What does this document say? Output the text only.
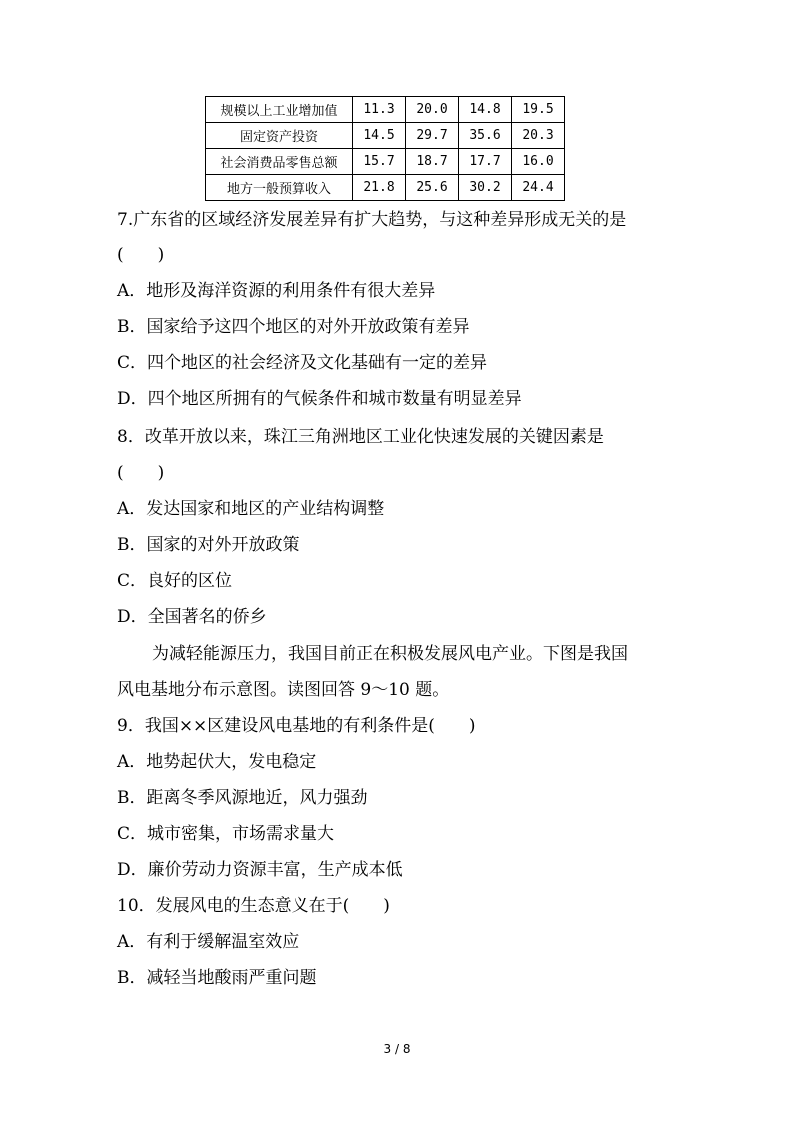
规模以上工业增加值	11.3	20.0	14.8	19.5
固定资产投资	14.5	29.7	35.6	20.3
社会消费品零售总额	15.7	18.7	17.7	16.0
地方一般预算收入	21.8	25.6	30.2	24.4
7.广东省的区域经济发展差异有扩大趋势，与这种差异形成无关的是
(　　)
A．地形及海洋资源的利用条件有很大差异
B．国家给予这四个地区的对外开放政策有差异
C．四个地区的社会经济及文化基础有一定的差异
D．四个地区所拥有的气候条件和城市数量有明显差异
8．改革开放以来，珠江三角洲地区工业化快速发展的关键因素是
(　　)
A．发达国家和地区的产业结构调整
B．国家的对外开放政策
C．良好的区位
D．全国著名的侨乡
为减轻能源压力，我国目前正在积极发展风电产业。下图是我国
风电基地分布示意图。读图回答 9～10 题。
9．我国××区建设风电基地的有利条件是(　　)
A．地势起伏大，发电稳定
B．距离冬季风源地近，风力强劲
C．城市密集，市场需求量大
D．廉价劳动力资源丰富，生产成本低
10．发展风电的生态意义在于(　　)
A．有利于缓解温室效应
B．减轻当地酸雨严重问题
3 / 8
